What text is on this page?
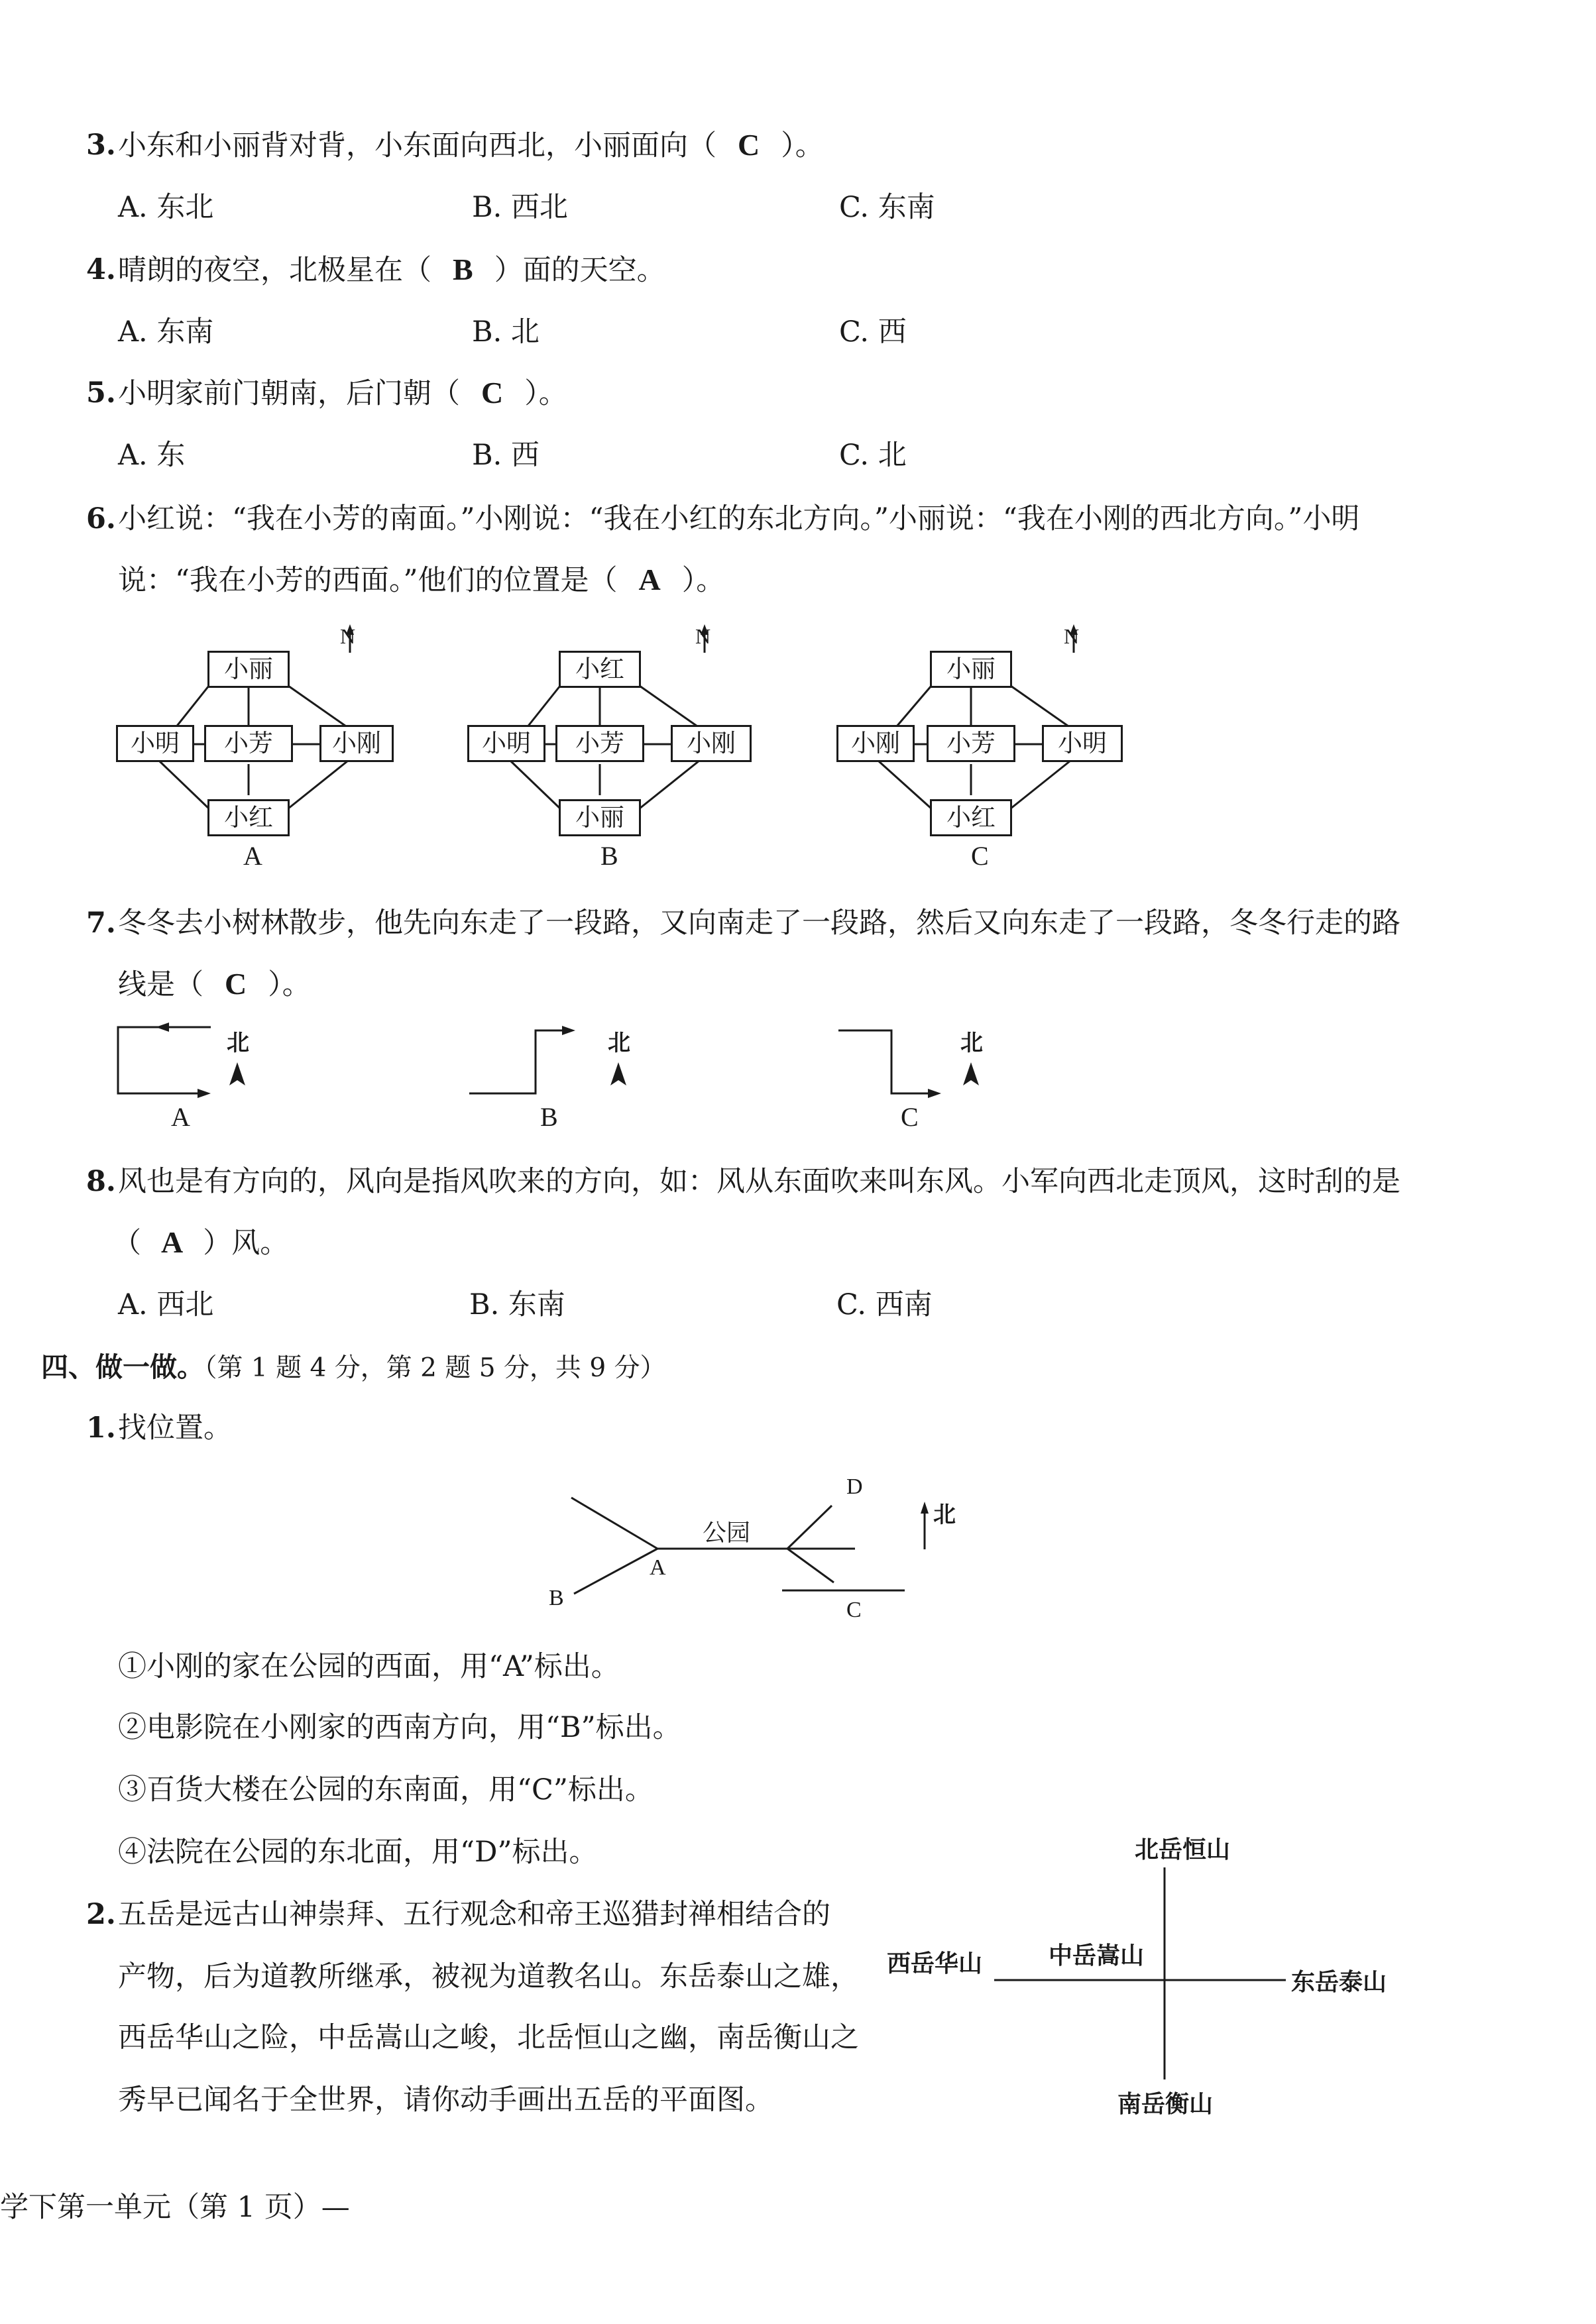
3. 小东和小丽背对背，小东面向西北，小丽面向（ C ）。
A. 东北	B. 西北	C. 东南
4. 晴朗的夜空，北极星在（ B ）面的天空。
A. 东南	B. 北	C. 西
5. 小明家前门朝南，后门朝（ C ）。
A. 东	B. 西	C. 北
6. 小红说：“我在小芳的南面。”小刚说：“我在小红的东北方向。”小丽说：“我在小刚的西北方向。”小明
说：“我在小芳的西面。”他们的位置是（ A ）。
小丽
小明	小芳	小刚
小红
N
A
小红
小明	小芳	小刚
小丽
N
B
小丽
小刚	小芳	小明
小红
N
C
7. 冬冬去小树林散步，他先向东走了一段路，又向南走了一段路，然后又向东走了一段路，冬冬行走的路
线是（ C ）。
北	北	北
A	B	C
8. 风也是有方向的，风向是指风吹来的方向，如：风从东面吹来叫东风。小军向西北走顶风，这时刮的是
（ A ）风。
A. 西北	B. 东南	C. 西南
四、做一做。（第 1 题 4 分，第 2 题 5 分，共 9 分）
1. 找位置。
公园
北
A
B	C
D
①小刚的家在公园的西面，用“A”标出。
②电影院在小刚家的西南方向，用“B”标出。
③百货大楼在公园的东南面，用“C”标出。
④法院在公园的东北面，用“D”标出。
2. 五岳是远古山神崇拜、五行观念和帝王巡猎封禅相结合的
产物，后为道教所继承，被视为道教名山。东岳泰山之雄，
西岳华山之险，中岳嵩山之峻，北岳恒山之幽，南岳衡山之
秀早已闻名于全世界，请你动手画出五岳的平面图。
北岳恒山
西岳华山	中岳嵩山
东岳泰山
南岳衡山
学下第一单元（第 1 页）—
